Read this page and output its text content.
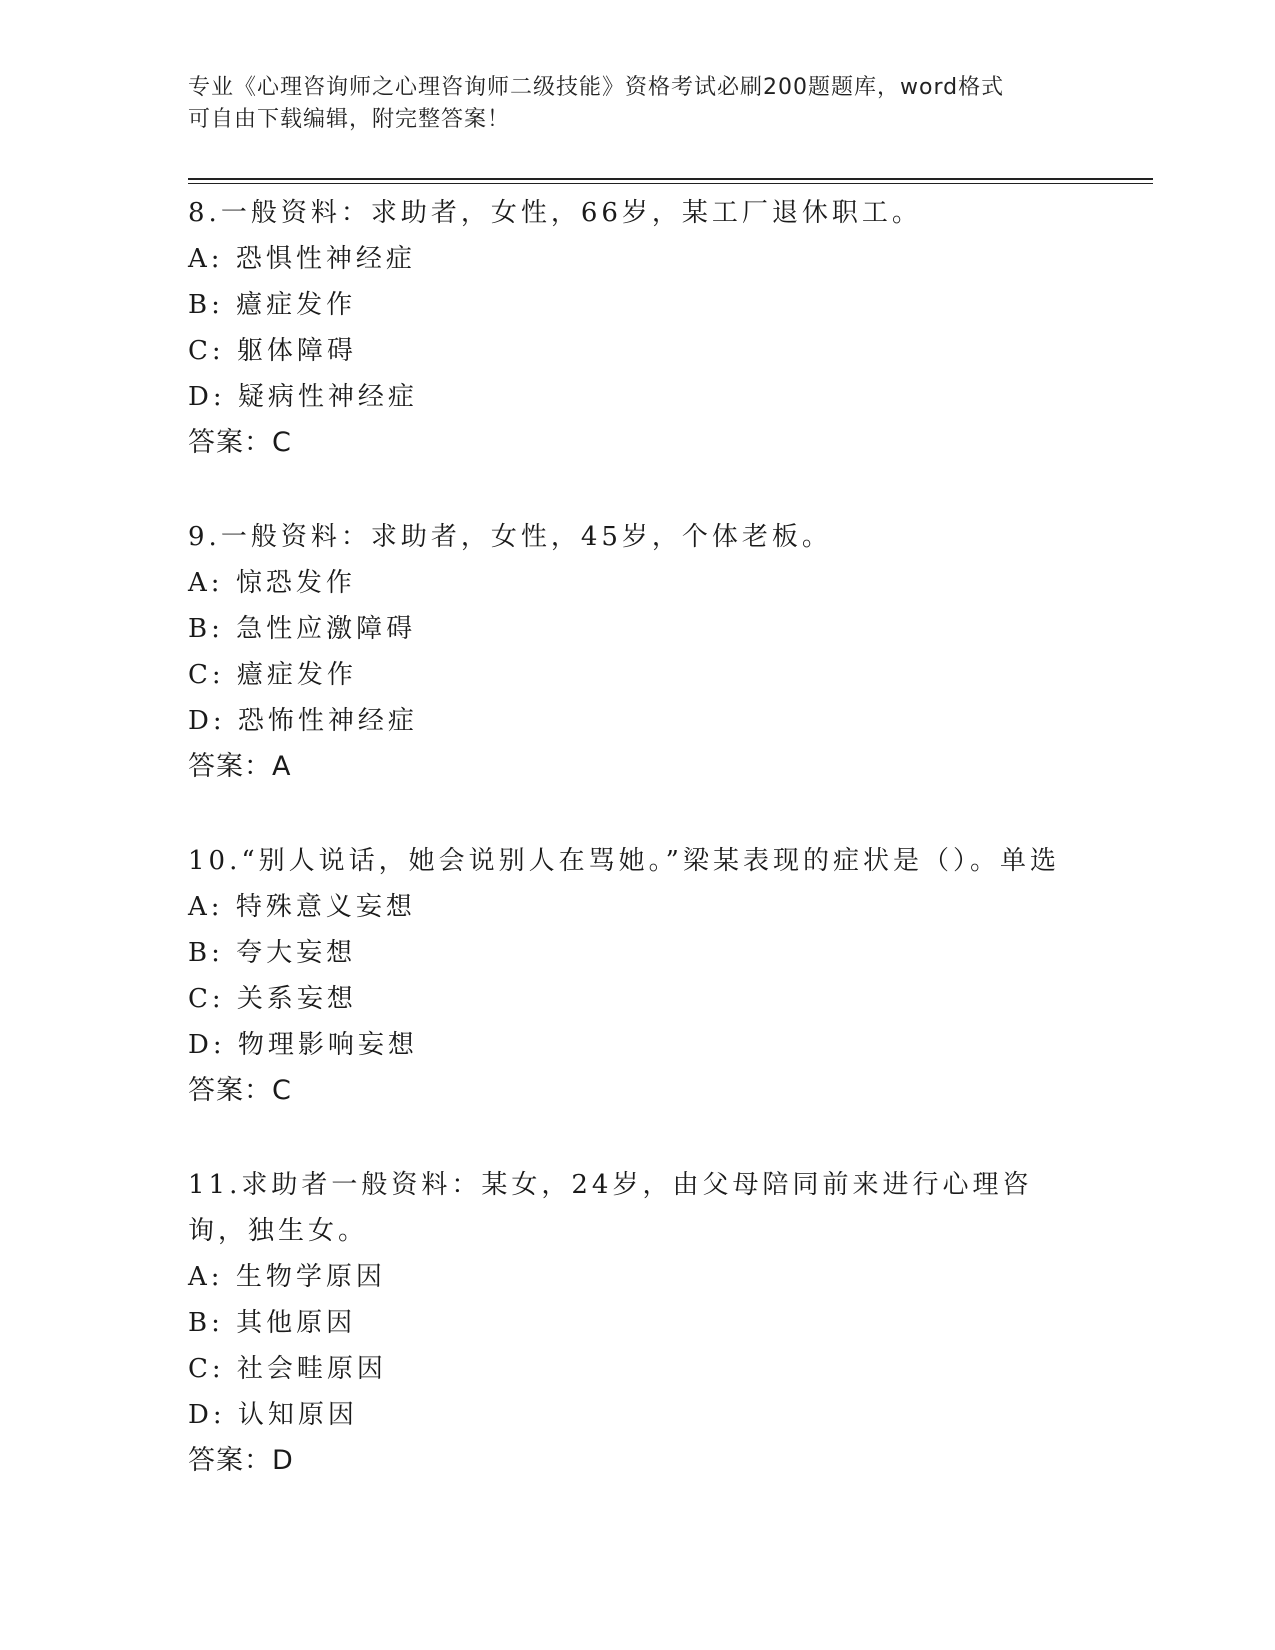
专业《心理咨询师之心理咨询师二级技能》资格考试必刷200题题库，word格式
可自由下载编辑，附完整答案！
8.一般资料：求助者，女性，66岁，某工厂退休职工。
A: 恐惧性神经症
B: 癔症发作
C: 躯体障碍
D: 疑病性神经症
答案：C
9.一般资料：求助者，女性，45岁，个体老板。
A: 惊恐发作
B: 急性应激障碍
C: 癔症发作
D: 恐怖性神经症
答案：A
10.“别人说话，她会说别人在骂她。”梁某表现的症状是（）。单选
A: 特殊意义妄想
B: 夸大妄想
C: 关系妄想
D: 物理影响妄想
答案：C
11.求助者一般资料：某女，24岁，由父母陪同前来进行心理咨询，独生女。
A: 生物学原因
B: 其他原因
C: 社会畦原因
D: 认知原因
答案：D
